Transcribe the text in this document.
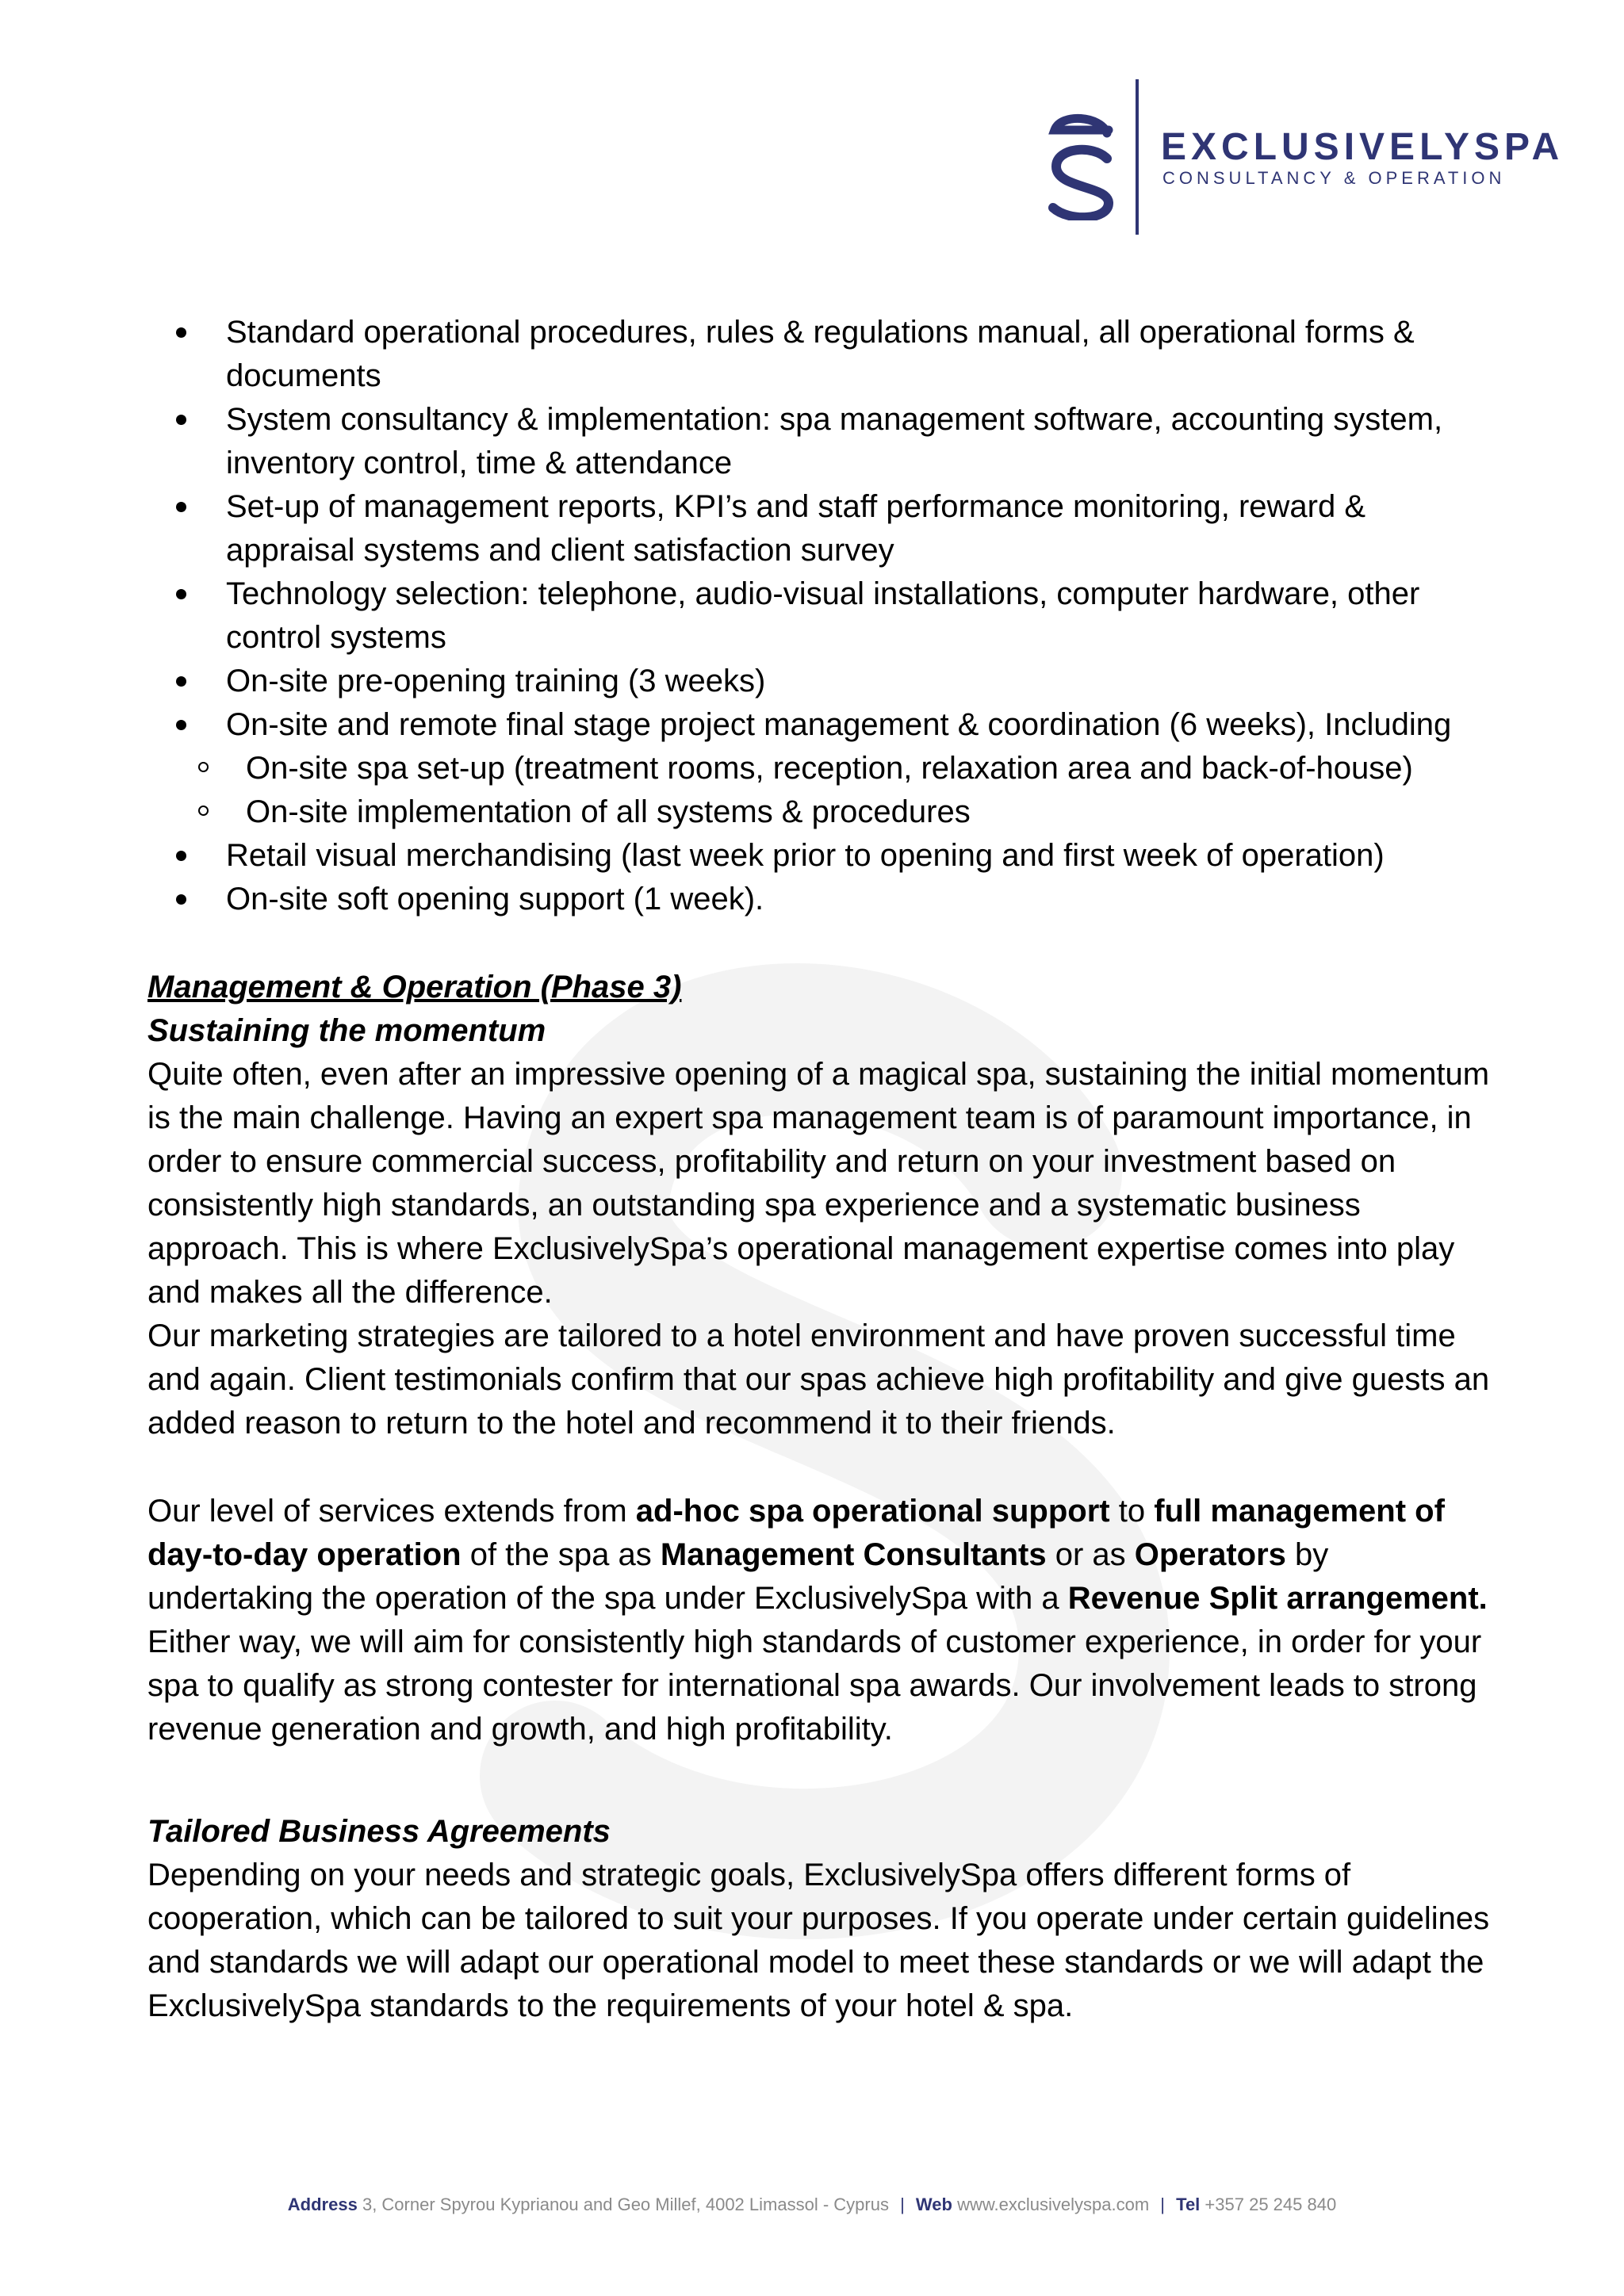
EXCLUSIVELYSPA
CONSULTANCY & OPERATION
Standard operational procedures, rules & regulations manual, all operational forms & documents
System consultancy & implementation: spa management software, accounting system, inventory control, time & attendance
Set-up of management reports, KPI’s and staff performance monitoring, reward & appraisal systems and client satisfaction survey
Technology selection: telephone, audio-visual installations, computer hardware, other control systems
On-site pre-opening training (3 weeks)
On-site and remote final stage project management & coordination (6 weeks), Including
On-site spa set-up (treatment rooms, reception, relaxation area and back-of-house)
On-site implementation of all systems & procedures
Retail visual merchandising (last week prior to opening and first week of operation)
On-site soft opening support (1 week).

Management & Operation (Phase 3)

Sustaining the momentum

Quite often, even after an impressive opening of a magical spa, sustaining the initial momentum is the main challenge. Having an expert spa management team is of paramount importance, in order to ensure commercial success, profitability and return on your investment based on consistently high standards, an outstanding spa experience and a systematic business approach. This is where ExclusivelySpa’s operational management expertise comes into play and makes all the difference.

Our marketing strategies are tailored to a hotel environment and have proven successful time and again. Client testimonials confirm that our spas achieve high profitability and give guests an added reason to return to the hotel and recommend it to their friends.

Our level of services extends from ad-hoc spa operational support to full management of day-to-day operation of the spa as Management Consultants or as Operators by undertaking the operation of the spa under ExclusivelySpa with a Revenue Split arrangement.

Either way, we will aim for consistently high standards of customer experience, in order for your spa to qualify as strong contester for international spa awards. Our involvement leads to strong revenue generation and growth, and high profitability.

Tailored Business Agreements

Depending on your needs and strategic goals, ExclusivelySpa offers different forms of cooperation, which can be tailored to suit your purposes. If you operate under certain guidelines and standards we will adapt our operational model to meet these standards or we will adapt the ExclusivelySpa standards to the requirements of your hotel & spa.

Address 3, Corner Spyrou Kyprianou and Geo Millef, 4002 Limassol - Cyprus | Web www.exclusivelyspa.com | Tel +357 25 245 840
